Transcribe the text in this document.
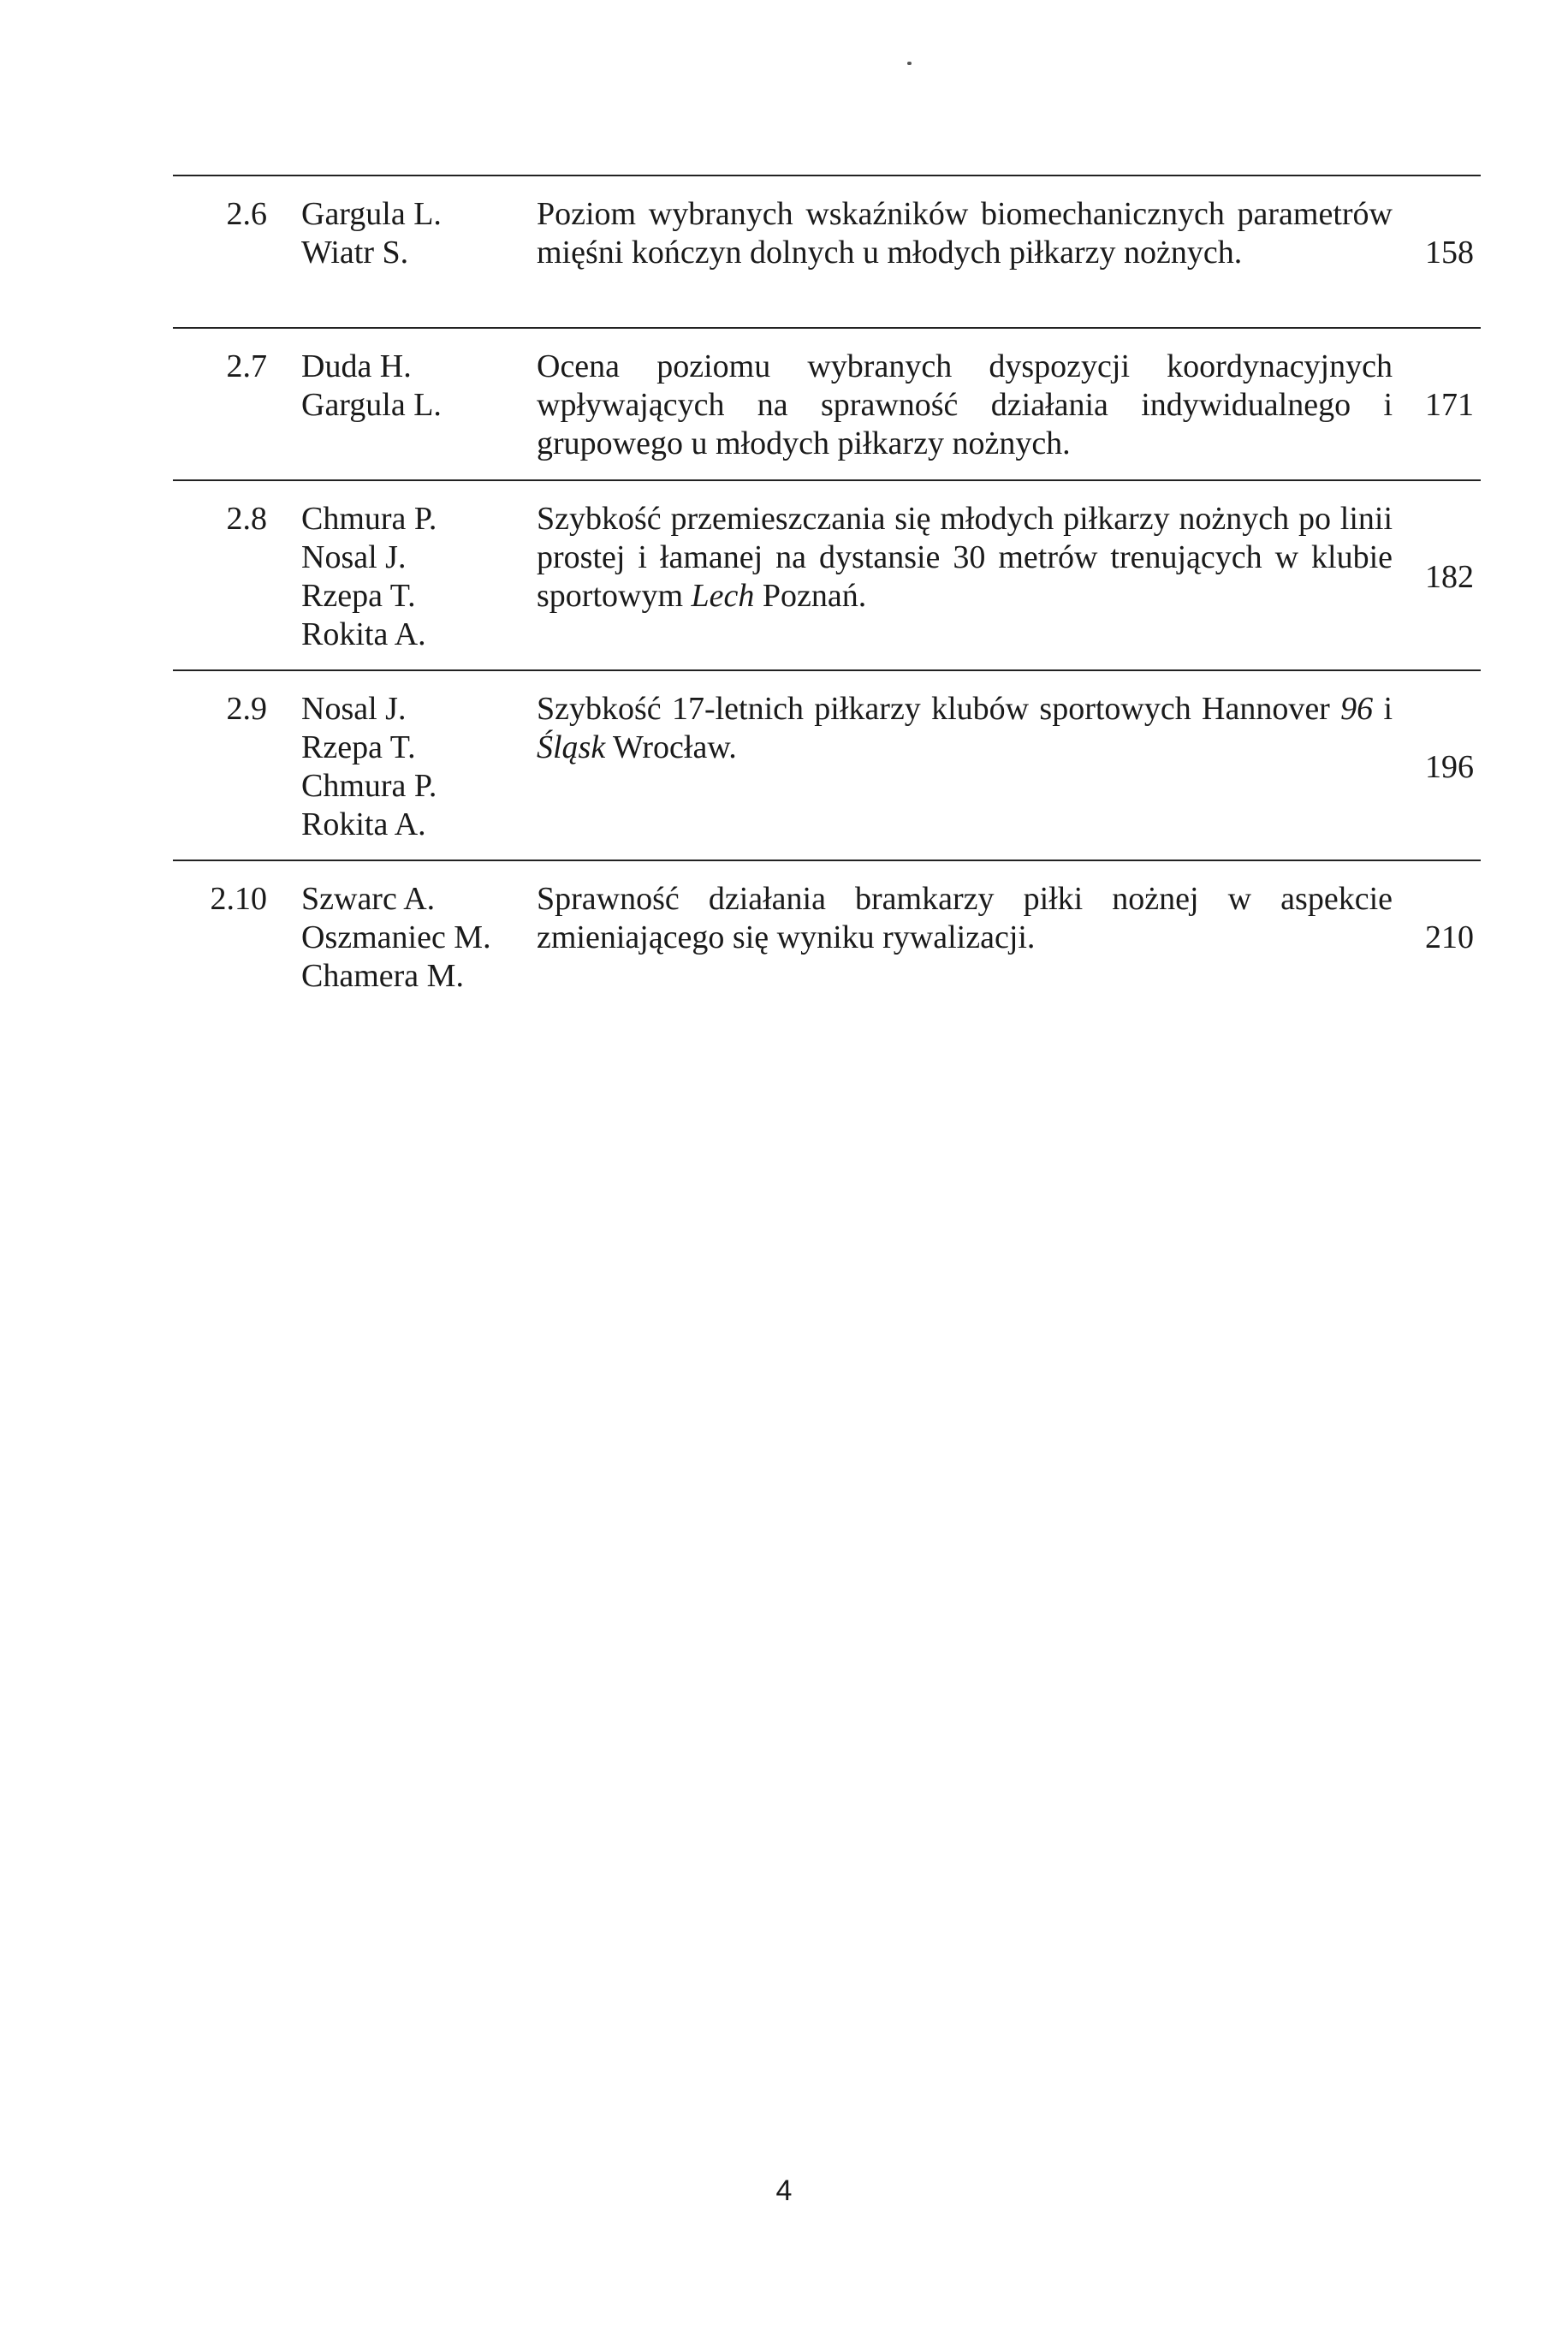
2.6 Gargula L.
Wiatr S.
Poziom wybranych wskaźników biomechanicznych parametrów mięśni kończyn dolnych u młodych piłkarzy nożnych.	158
2.7 Duda H.
Gargula L.
Ocena poziomu wybranych dyspozycji koordynacyjnych wpływających na sprawność działania indywidualnego i grupowego u młodych piłkarzy nożnych.
171
2.8 Chmura P.
Nosal J.
Rzepa T.
Rokita A.
Szybkość przemieszczania się młodych piłkarzy nożnych po linii prostej i łamanej na dystansie 30 metrów trenujących w klubie sportowym Lech Poznań.
182
2.9 Nosal J.
Rzepa T.
Chmura P.
Rokita A.
Szybkość 17-letnich piłkarzy klubów sportowych Hannover 96 i Śląsk Wrocław.
196
2.10 Szwarc A.
Oszmaniec M.
Chamera M.
Sprawność działania bramkarzy piłki nożnej w aspekcie zmieniającego się wyniku rywalizacji.	210
4
